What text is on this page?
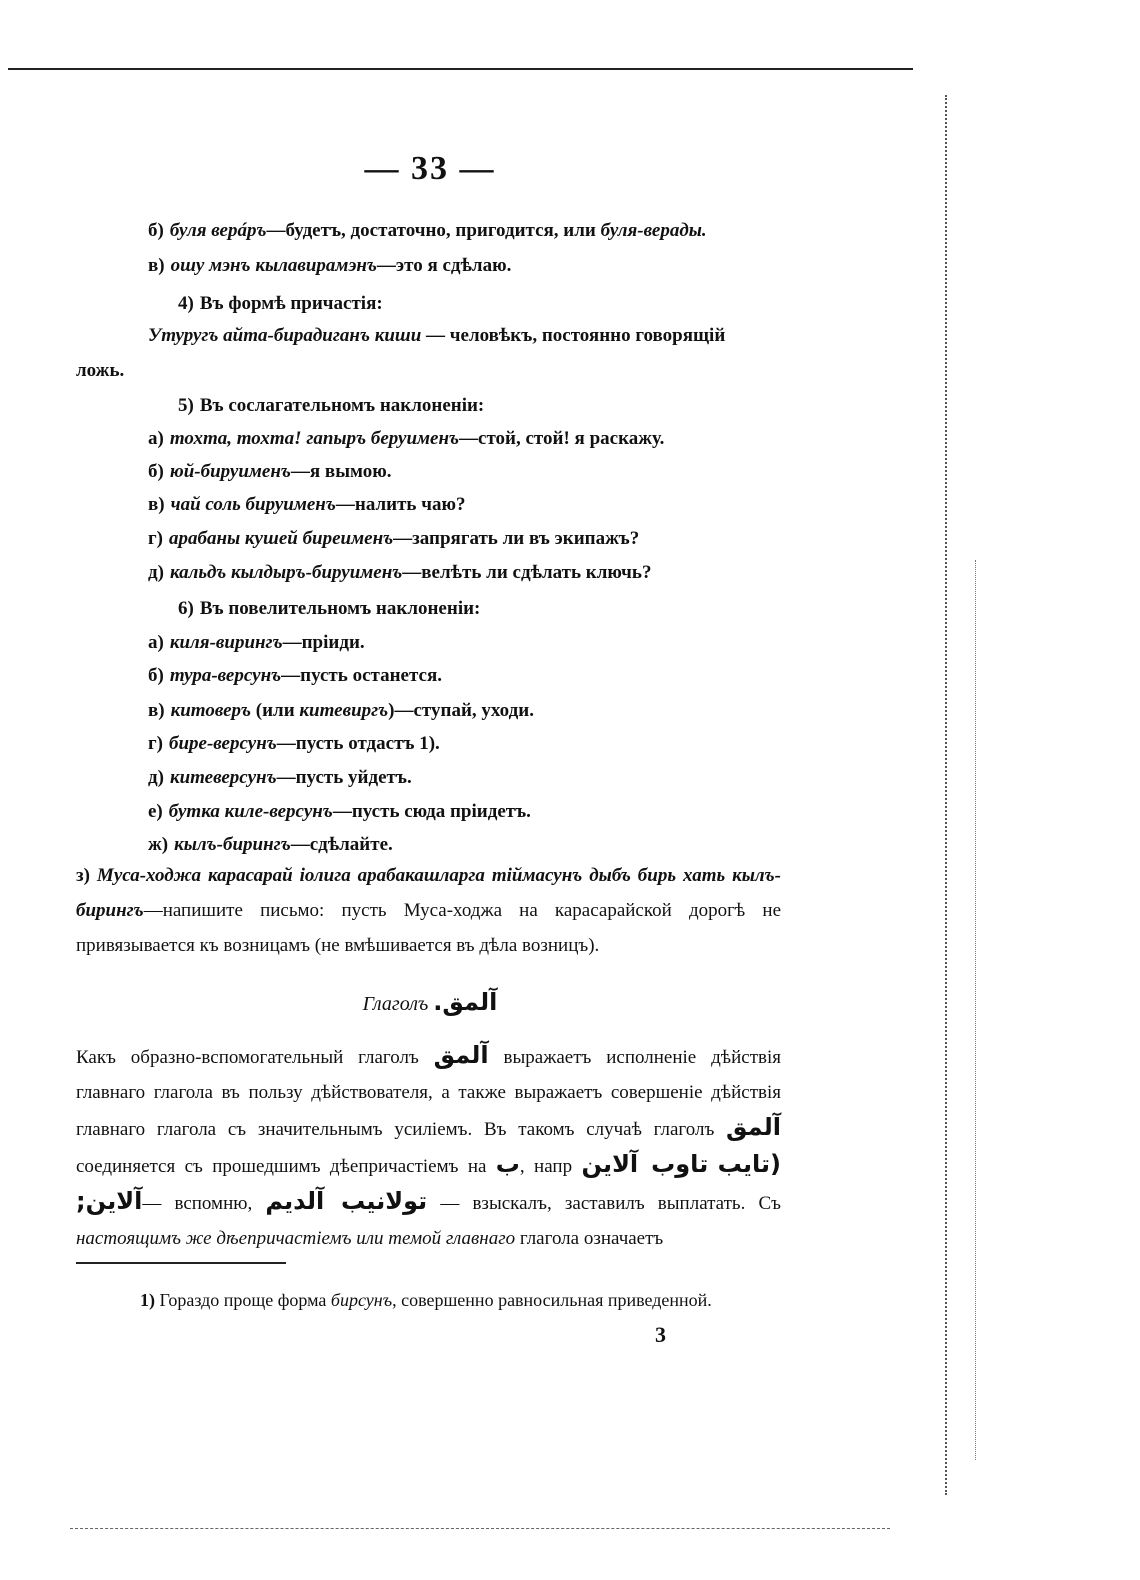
— 33 —
б) буля верáръ—будетъ, достаточно, пригодится, или буля-верады.
в) ошу мэнъ кылавирамэнъ—это я сдѣлаю.
4) Въ формѣ причастія:
Утуругъ айта-бирадиганъ киши — человѣкъ, постоянно говорящій
ложь.
5) Въ сослагательномъ наклоненіи:
а) тохта, тохта! гапыръ беруименъ—стой, стой! я раскажу.
б) юй-бируименъ—я вымою.
в) чай соль бируименъ—налить чаю?
г) арабаны кушей биреименъ—запрягать ли въ экипажъ?
д) кальдъ кылдыръ-бируименъ—велѣть ли сдѣлать ключь?
6) Въ повелительномъ наклоненіи:
а) киля-вирингъ—пріиди.
б) тура-версунъ—пусть останется.
в) китоверъ (или китевиргъ)—ступай, уходи.
г) бире-версунъ—пусть отдастъ 1).
д) китеверсунъ—пусть уйдетъ.
е) бутка киле-версунъ—пусть сюда пріидетъ.
ж) кылъ-бирингъ—сдѣлайте.
з) Муса-ходжа карасарай іолига арабакашларга тіймасунъ дыбъ бирь хать кылъ-бирингъ—напишите письмо: пусть Муса-ходжа на карасарайской дорогѣ не привязывается къ возницамъ (не вмѣшивается въ дѣла возницъ).
Глаголъ آلمق.
Какъ образно-вспомогательный глаголъ آلمق выражаетъ исполненіе дѣйствія главнаго глагола въ пользу дѣйствователя, а также выражаетъ совершеніе дѣйствія главнаго глагола съ значительнымъ усиліемъ. Въ такомъ случаѣ глаголъ آلمق соединяется съ прошедшимъ дѣепричастіемъ на ب, напр تاوب آلاين (تايب آلاين;— вспомню, تولانيب آلديم — взыскалъ, заставилъ выплатать. Съ настоящимъ же дѣепричастіемъ или темой главнаго глагола означаетъ
1) Гораздо проще форма бирсунъ, совершенно равносильная приведенной.
3
